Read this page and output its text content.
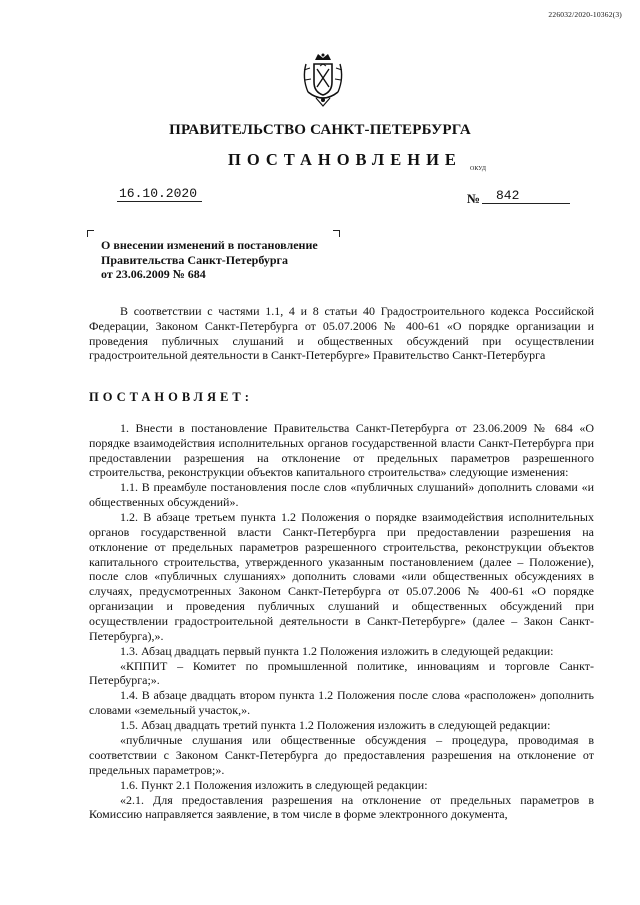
226032/2020-10362(3)
ПРАВИТЕЛЬСТВО САНКТ-ПЕТЕРБУРГА
ПОСТАНОВЛЕНИЕ ОКУД
16.10.2020	№	842
О внесении изменений в постановление
Правительства Санкт-Петербурга
от 23.06.2009 № 684

В соответствии с частями 1.1, 4 и 8 статьи 40 Градостроительного кодекса Российской Федерации, Законом Санкт-Петербурга от 05.07.2006 № 400-61 «О порядке организации и проведения публичных слушаний и общественных обсуждений при осуществлении градостроительной деятельности в Санкт-Петербурге» Правительство Санкт-Петербурга

ПОСТАНОВЛЯЕТ:

1. Внести в постановление Правительства Санкт-Петербурга от 23.06.2009 № 684 «О порядке взаимодействия исполнительных органов государственной власти Санкт-Петербурга при предоставлении разрешения на отклонение от предельных параметров разрешенного строительства, реконструкции объектов капитального строительства» следующие изменения:

1.1. В преамбуле постановления после слов «публичных слушаний» дополнить словами «и общественных обсуждений».

1.2. В абзаце третьем пункта 1.2 Положения о порядке взаимодействия исполнительных органов государственной власти Санкт-Петербурга при предоставлении разрешения на отклонение от предельных параметров разрешенного строительства, реконструкции объектов капитального строительства, утвержденного указанным постановлением (далее – Положение), после слов «публичных слушаниях» дополнить словами «или общественных обсуждениях в случаях, предусмотренных Законом Санкт-Петербурга от 05.07.2006 № 400-61 «О порядке организации и проведения публичных слушаний и общественных обсуждений при осуществлении градостроительной деятельности в Санкт-Петербурге» (далее – Закон Санкт-Петербурга),».

1.3. Абзац двадцать первый пункта 1.2 Положения изложить в следующей редакции:

«КППИТ – Комитет по промышленной политике, инновациям и торговле Санкт-Петербурга;».

1.4. В абзаце двадцать втором пункта 1.2 Положения после слова «расположен» дополнить словами «земельный участок,».

1.5. Абзац двадцать третий пункта 1.2 Положения изложить в следующей редакции:

«публичные слушания или общественные обсуждения – процедура, проводимая в соответствии с Законом Санкт-Петербурга до предоставления разрешения на отклонение от предельных параметров;».

1.6. Пункт 2.1 Положения изложить в следующей редакции:

«2.1. Для предоставления разрешения на отклонение от предельных параметров в Комиссию направляется заявление, в том числе в форме электронного документа,
